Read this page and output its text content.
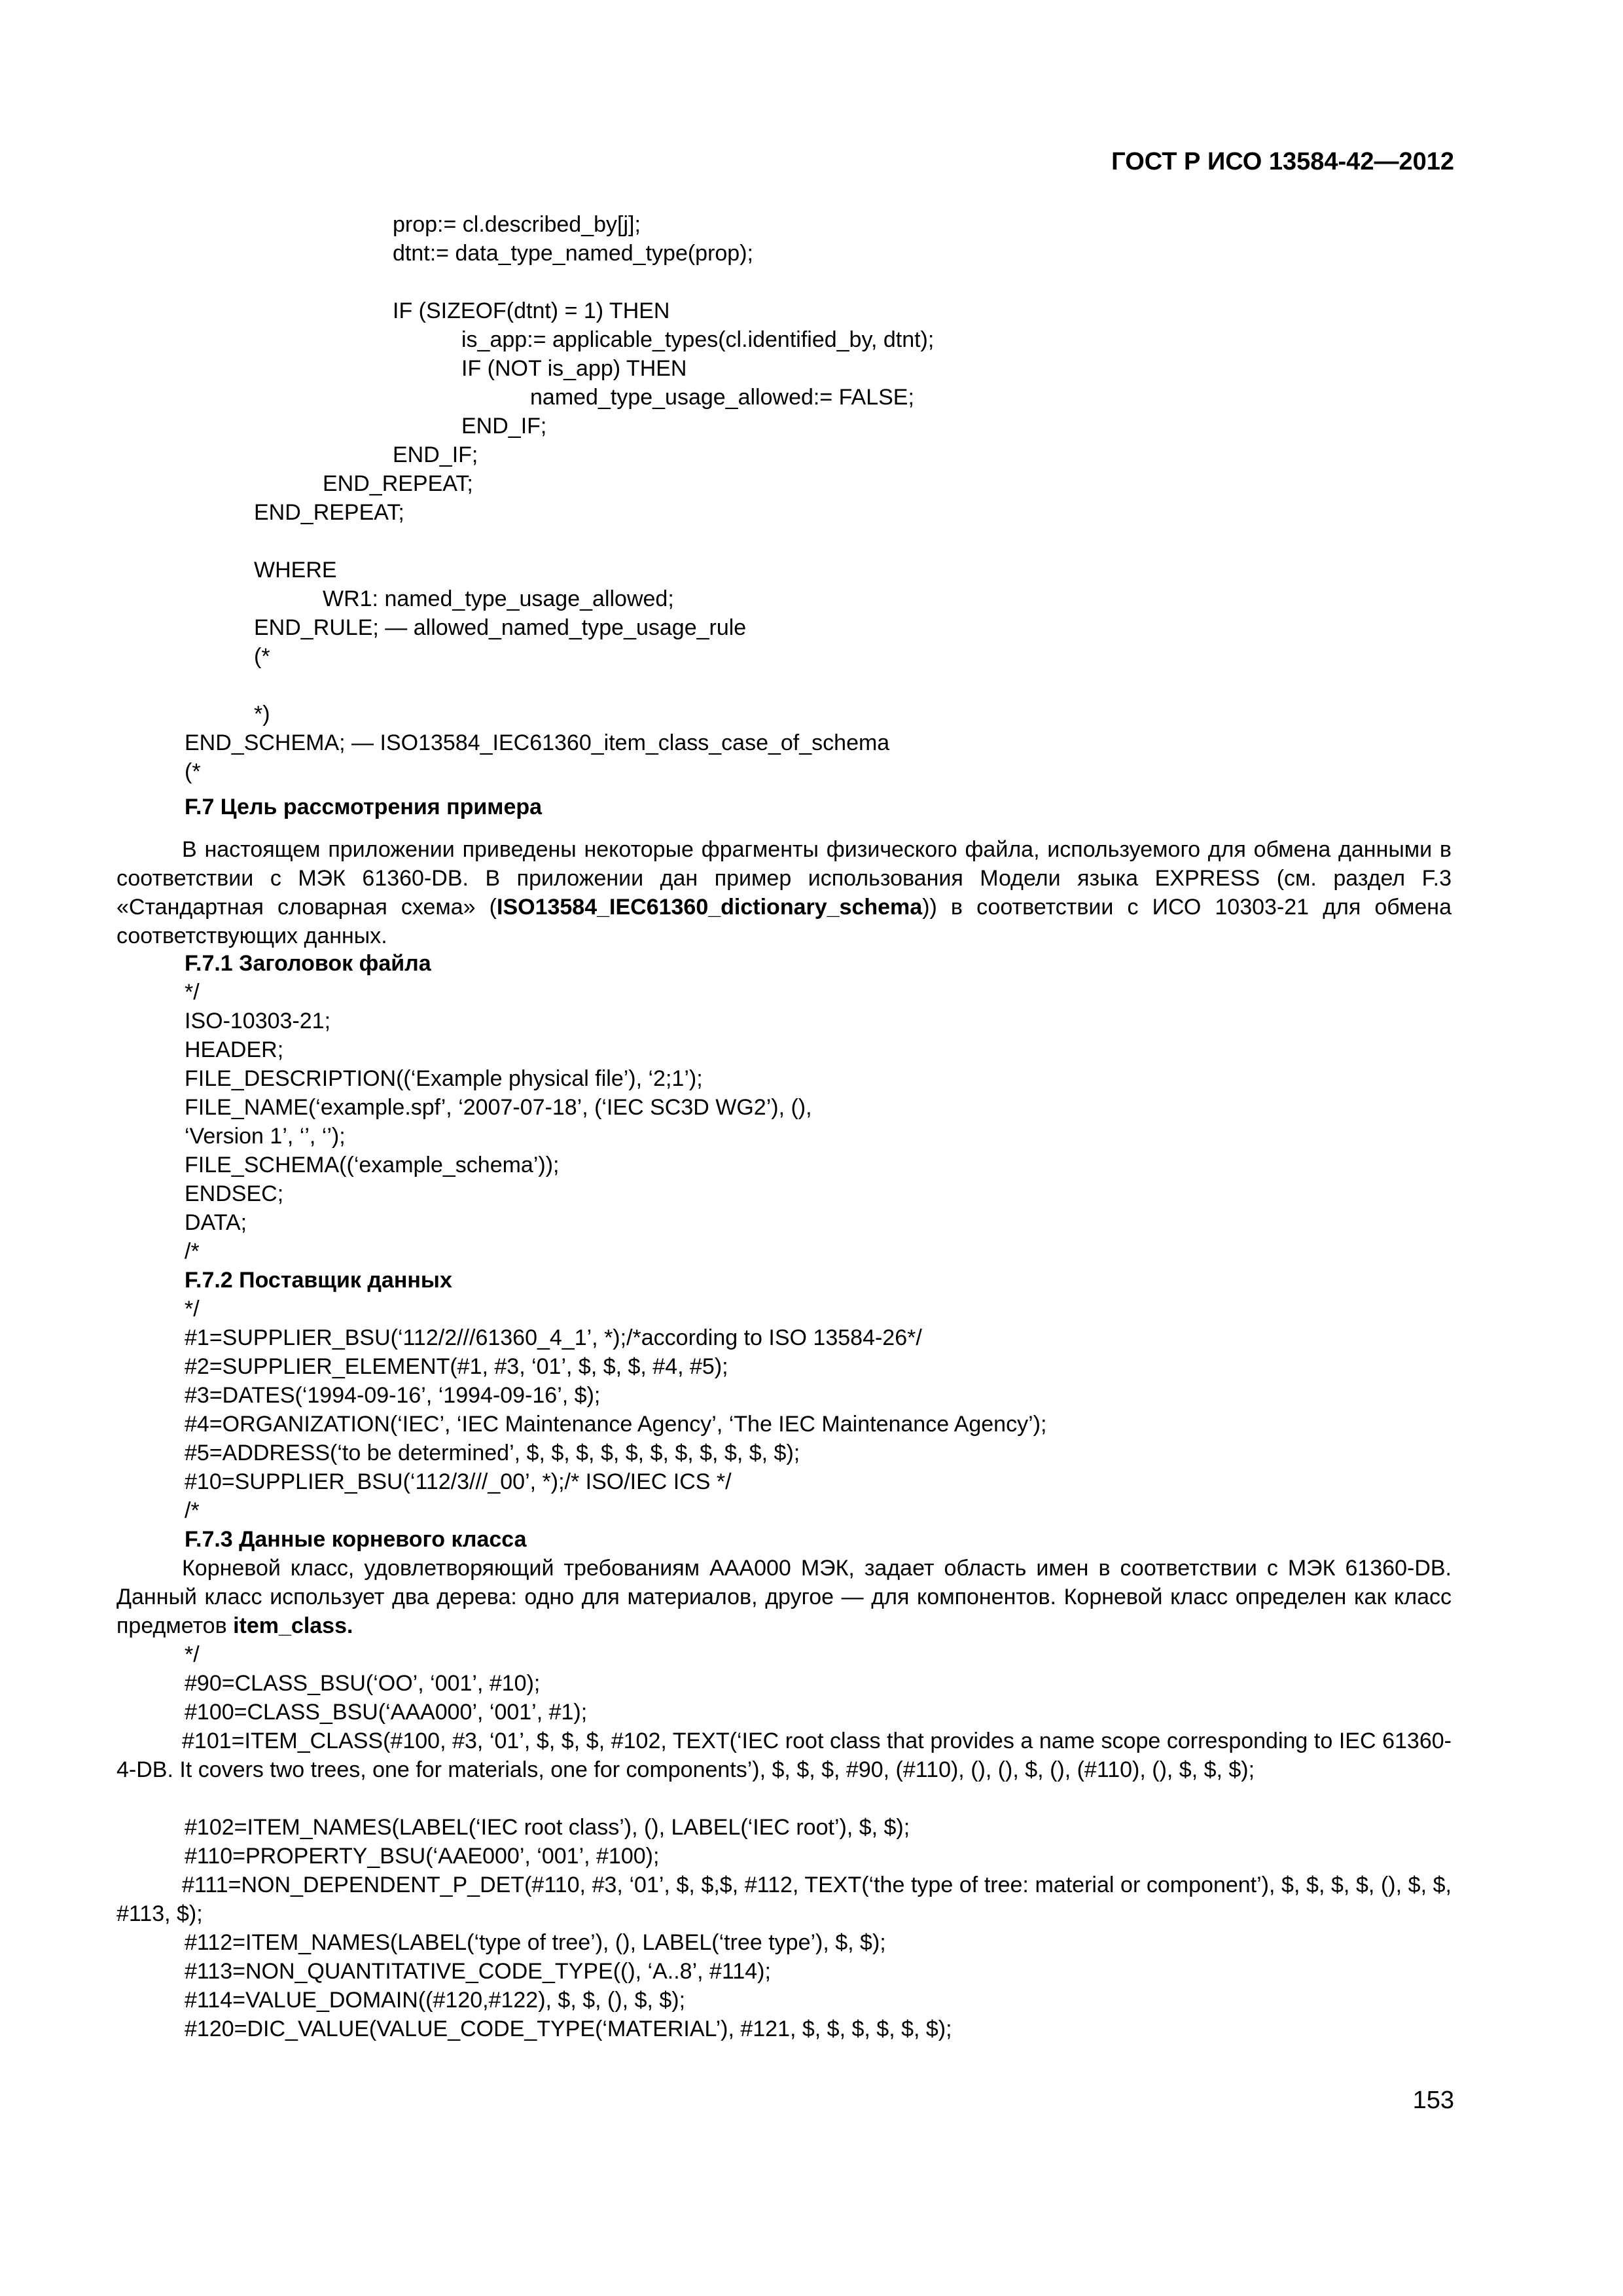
ГОСТ Р ИСО 13584-42—2012
prop:= cl.described_by[j];
dtnt:= data_type_named_type(prop);
IF (SIZEOF(dtnt) = 1) THEN
is_app:= applicable_types(cl.identified_by, dtnt);
IF (NOT is_app) THEN
named_type_usage_allowed:= FALSE;
END_IF;
END_IF;
END_REPEAT;
END_REPEAT;
WHERE
WR1: named_type_usage_allowed;
END_RULE; — allowed_named_type_usage_rule
(*
*)
END_SCHEMA; — ISO13584_IEC61360_item_class_case_of_schema
(*
F.7 Цель рассмотрения примера
В настоящем приложении приведены некоторые фрагменты физического файла, используемого для обмена данными в соответствии с МЭК 61360-DB. В приложении дан пример использования Модели языка EXPRESS (см. раздел F.3 «Стандартная словарная схема» (ISO13584_IEC61360_dictionary_schema)) в соответствии с ИСО 10303-21 для обмена соответствующих данных.
F.7.1 Заголовок файла
*/
ISO-10303-21;
HEADER;
FILE_DESCRIPTION((‘Example physical file’), ‘2;1’);
FILE_NAME(‘example.spf’, ‘2007-07-18’, (‘IEC SC3D WG2’), (),
‘Version 1’, ‘’, ‘’);
FILE_SCHEMA((‘example_schema’));
ENDSEC;
DATA;
/*
F.7.2 Поставщик данных
*/
#1=SUPPLIER_BSU(‘112/2///61360_4_1’, *);/*according to ISO 13584-26*/
#2=SUPPLIER_ELEMENT(#1, #3, ‘01’, $, $, $, #4, #5);
#3=DATES(‘1994-09-16’, ‘1994-09-16’, $);
#4=ORGANIZATION(‘IEC’, ‘IEC Maintenance Agency’, ‘The IEC Maintenance Agency’);
#5=ADDRESS(‘to be determined’, $, $, $, $, $, $, $, $, $, $, $);
#10=SUPPLIER_BSU(‘112/3///_00’, *);/* ISO/IEC ICS */
/*
F.7.3 Данные корневого класса
Корневой класс, удовлетворяющий требованиям AAA000 МЭК, задает область имен в соответствии с МЭК 61360-DB. Данный класс использует два дерева: одно для материалов, другое — для компонентов. Корневой класс определен как класс предметов item_class.
*/
#90=CLASS_BSU(‘OO’, ‘001’, #10);
#100=CLASS_BSU(‘AAA000’, ‘001’, #1);
#101=ITEM_CLASS(#100, #3, ‘01’, $, $, $, #102, TEXT(‘IEC root class that provides a name scope corresponding to IEC 61360-4-DB. It covers two trees, one for materials, one for components’), $, $, $, #90, (#110), (), (), $, (), (#110), (), $, $, $);
#102=ITEM_NAMES(LABEL(‘IEC root class’), (), LABEL(‘IEC root’), $, $);
#110=PROPERTY_BSU(‘AAE000’, ‘001’, #100);
#111=NON_DEPENDENT_P_DET(#110, #3, ‘01’, $, $,$, #112, TEXT(‘the type of tree: material or component’), $, $, $, $, (), $, $, #113, $);
#112=ITEM_NAMES(LABEL(‘type of tree’), (), LABEL(‘tree type’), $, $);
#113=NON_QUANTITATIVE_CODE_TYPE((), ‘A..8’, #114);
#114=VALUE_DOMAIN((#120,#122), $, $, (), $, $);
#120=DIC_VALUE(VALUE_CODE_TYPE(‘MATERIAL’), #121, $, $, $, $, $, $);
153
